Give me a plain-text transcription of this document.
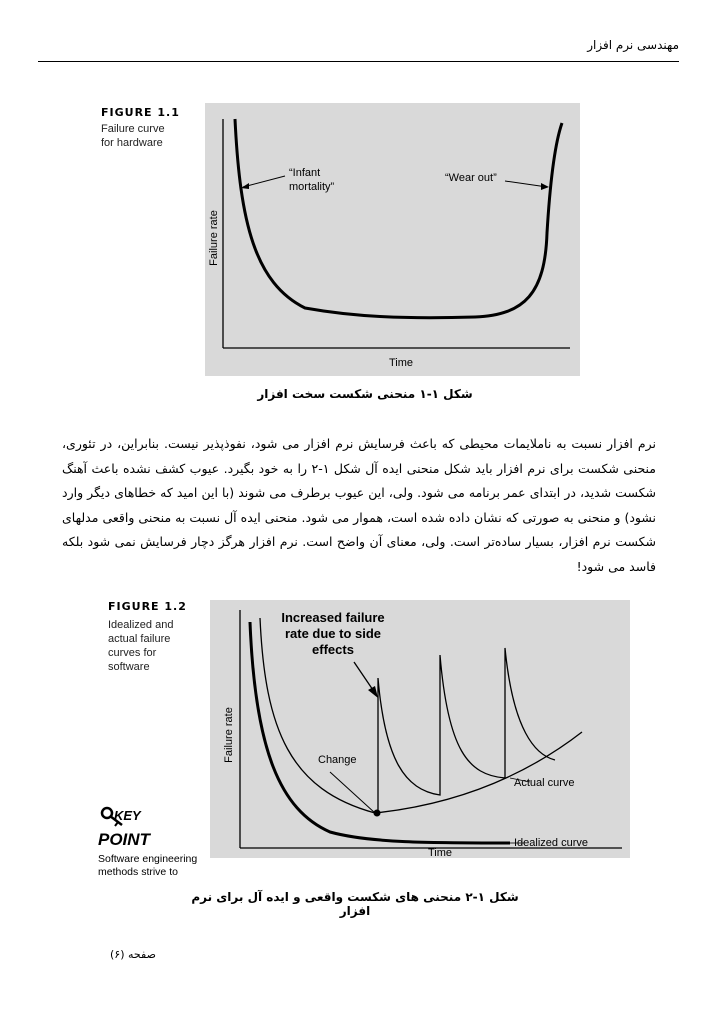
مهندسی نرم افزار
FIGURE 1.1
Failure curve
for hardware
“Infant
mortality”
“Wear out”
Time
Failure rate
شکل ۱-۱ منحنی شکست سخت افزار
نرم افزار نسبت به ناملایمات محیطی که باعث فرسایش نرم افزار می شود، نفوذپذیر نیست. بنابراین، در تئوری، منحنی شکست برای نرم افزار باید شکل منحنی ایده آل شکل ۱-۲ را به خود بگیرد. عیوب کشف نشده باعث آهنگ شکست شدید، در ابتدای عمر برنامه می شود. ولی، این عیوب برطرف می شوند (با این امید که خطاهای دیگر وارد نشود) و منحنی به صورتی که نشان داده شده است، هموار می شود. منحنی ایده آل نسبت به منحنی واقعی مدلهای شکست نرم افزار، بسیار ساده‌تر است. ولی، معنای آن واضح است. نرم افزار هرگز دچار فرسایش نمی شود بلکه فاسد می شود!
FIGURE 1.2
Idealized and
actual failure
curves for
software
Increased failure
rate due to side
effects
Change
Actual curve
Idealized curve
Time
Failure rate
KEY
POINT
Software engineering
methods strive to
شکل ۱-۲ منحنی های شکست واقعی و ایده آل برای نرم افزار
صفحه (۶)
